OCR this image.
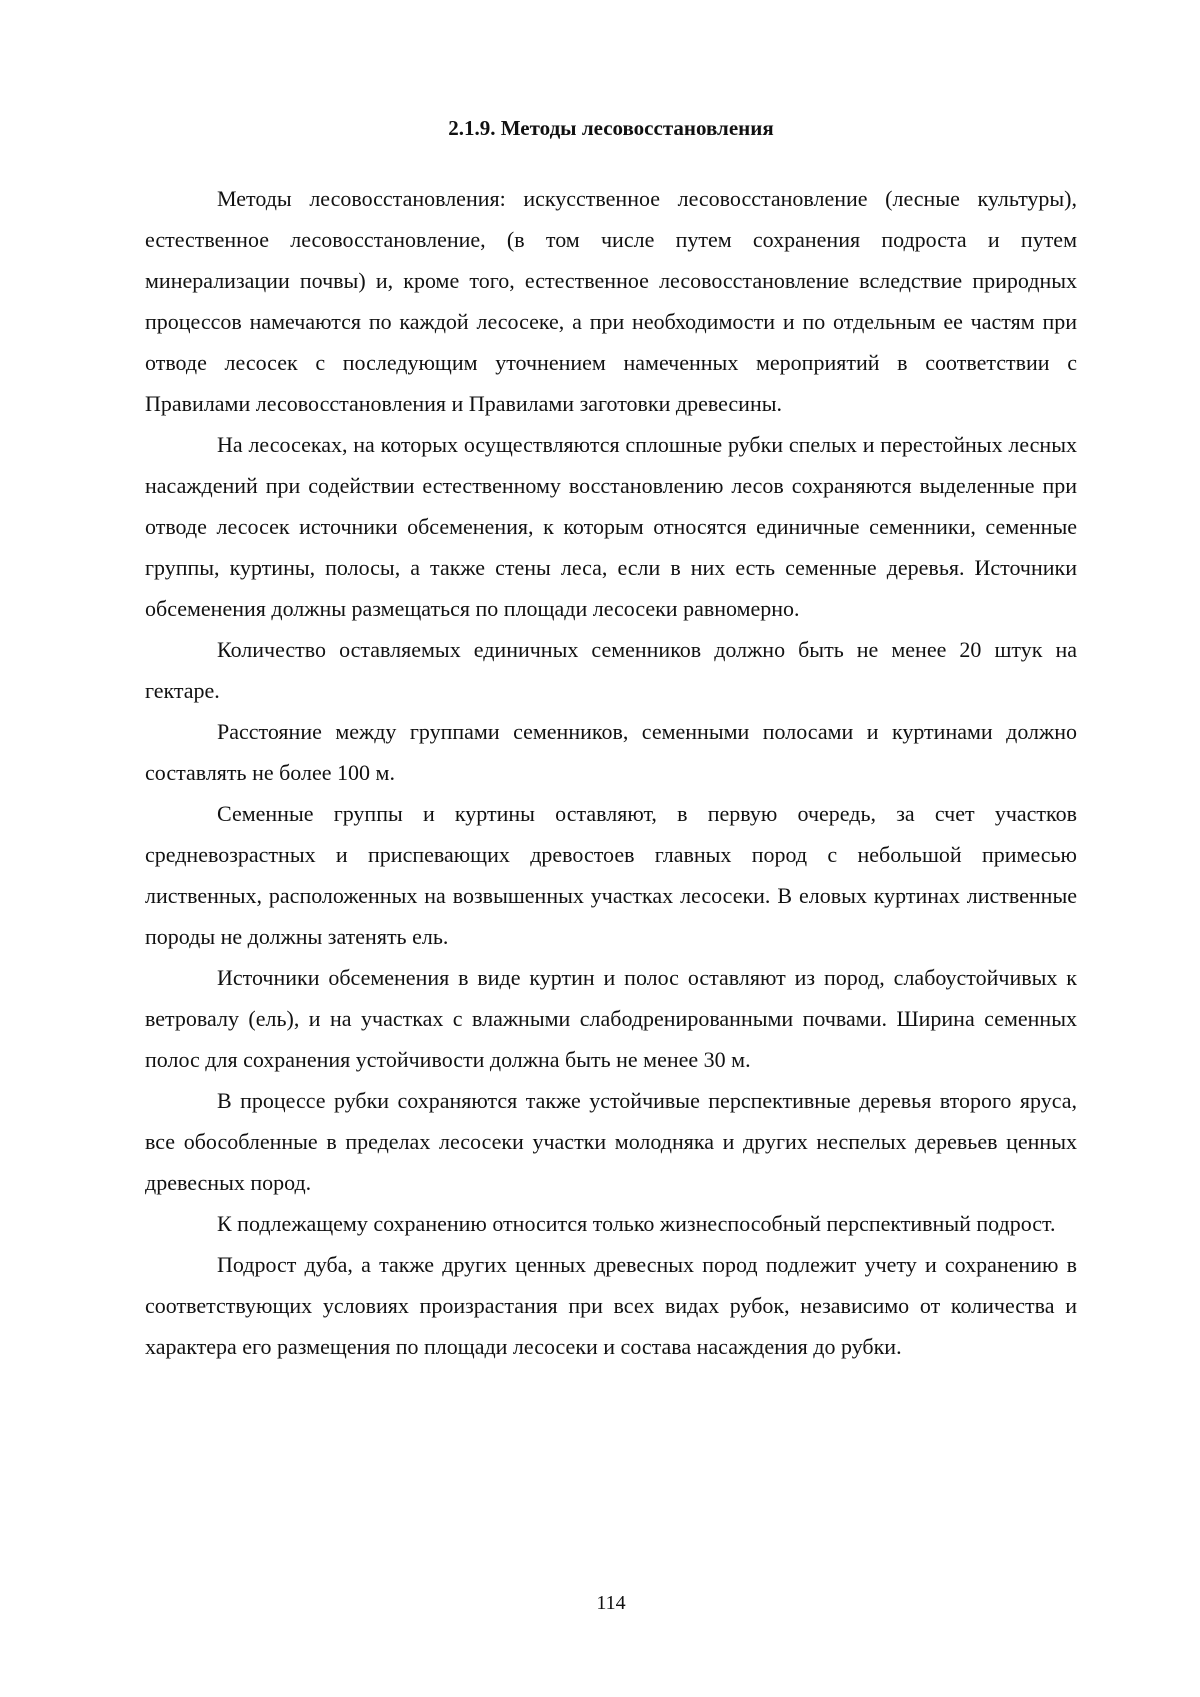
2.1.9. Методы лесовосстановления

Методы лесовосстановления: искусственное лесовосстановление (лесные культуры), естественное лесовосстановление, (в том числе путем сохранения подроста и путем минерализации почвы) и, кроме того, естественное лесовосстановление вследствие природных процессов намечаются по каждой лесосеке, а при необходимости и по отдельным ее частям при отводе лесосек с последующим уточнением намеченных мероприятий в соответствии с Правилами лесовосстановления и Правилами заготовки древесины.

На лесосеках, на которых осуществляются сплошные рубки спелых и перестойных лесных насаждений при содействии естественному восстановлению лесов сохраняются выделенные при отводе лесосек источники обсеменения, к которым относятся единичные семенники, семенные группы, куртины, полосы, а также стены леса, если в них есть семенные деревья. Источники обсеменения должны размещаться по площади лесосеки равномерно.

Количество оставляемых единичных семенников должно быть не менее 20 штук на гектаре.

Расстояние между группами семенников, семенными полосами и куртинами должно составлять не более 100 м.

Семенные группы и куртины оставляют, в первую очередь, за счет участков средневозрастных и приспевающих древостоев главных пород с небольшой примесью лиственных, расположенных на возвышенных участках лесосеки. В еловых куртинах лиственные породы не должны затенять ель.

Источники обсеменения в виде куртин и полос оставляют из пород, слабоустойчивых к ветровалу (ель), и на участках с влажными слабодренированными почвами. Ширина семенных полос для сохранения устойчивости должна быть не менее 30 м.

В процессе рубки сохраняются также устойчивые перспективные деревья второго яруса, все обособленные в пределах лесосеки участки молодняка и других неспелых деревьев ценных древесных пород.

К подлежащему сохранению относится только жизнеспособный перспективный подрост.

Подрост дуба, а также других ценных древесных пород подлежит учету и сохранению в соответствующих условиях произрастания при всех видах рубок, независимо от количества и характера его размещения по площади лесосеки и состава насаждения до рубки.

114
